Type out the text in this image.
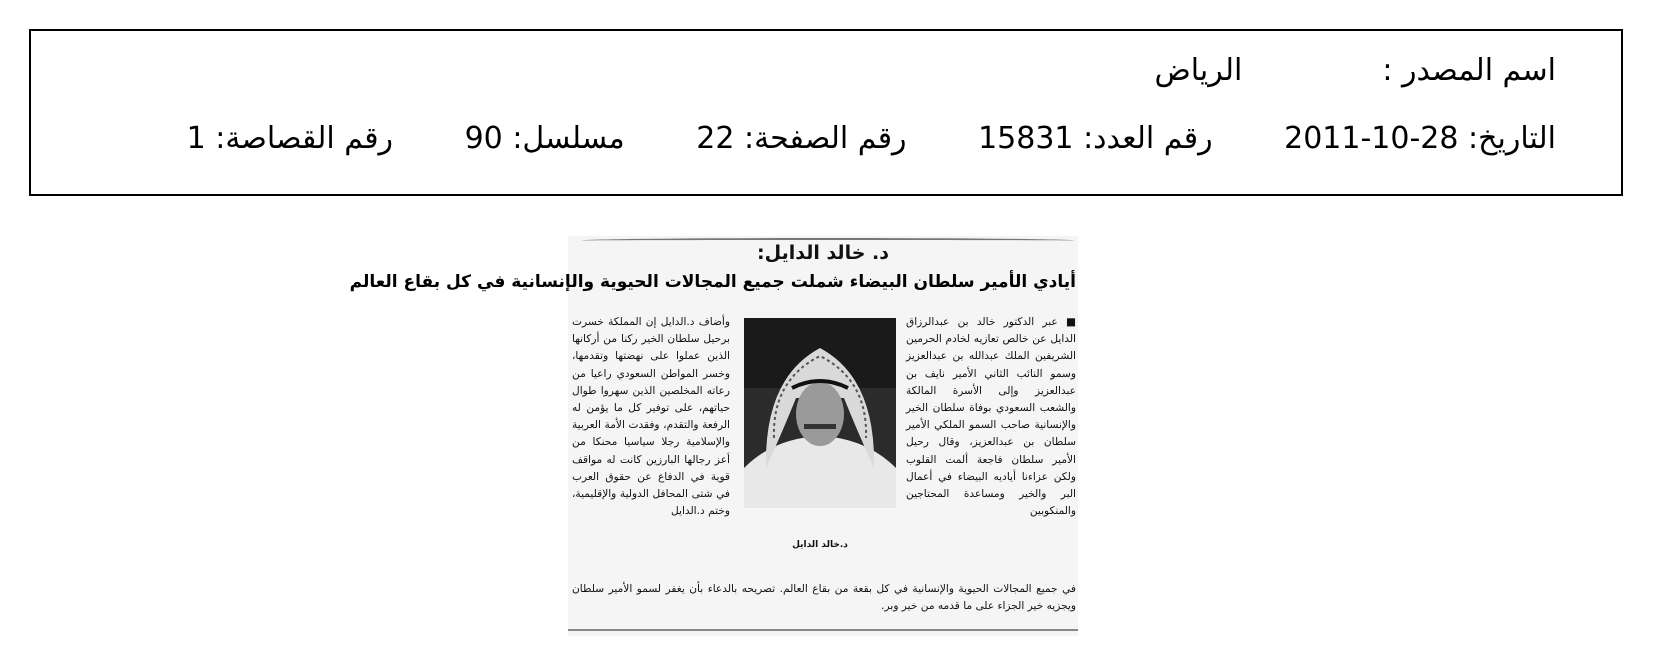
اسم المصدر :الرياض
التاريخ: 2011-10-28 رقم العدد: 15831 رقم الصفحة: 22 مسلسل: 90 رقم القصاصة: 1
د. خالد الدايل:
أيادي الأمير سلطان البيضاء شملت جميع المجالات الحيوية والإنسانية في كل بقاع العالم
■ عبر الدكتور خالد بن عبدالرزاق الدايل عن خالص تعازيه لخادم الحرمين الشريفين الملك عبدالله بن عبدالعزيز وسمو النائب الثاني الأمير نايف بن عبدالعزيز وإلى الأسرة المالكة والشعب السعودي بوفاة سلطان الخير والإنسانية صاحب السمو الملكي الأمير سلطان بن عبدالعزيز، وقال رحيل الأمير سلطان فاجعة ألمت القلوب ولكن عزاءنا أياديه البيضاء في أعمال البر والخير ومساعدة المحتاجين والمنكوبين
د.خالد الدايل
وأضاف د.الدايل إن المملكة خسرت برحيل سلطان الخير ركنا من أركانها الذين عملوا على نهضتها وتقدمها، وخسر المواطن السعودي راعيا من رعاته المخلصين الذين سهروا طوال حياتهم، على توفير كل ما يؤمن له الرفعة والتقدم، وفقدت الأمة العربية والإسلامية رجلا سياسيا محنكا من أعز رجالها البارزين كانت له مواقف قوية في الدفاع عن حقوق العرب في شتى المحافل الدولية والإقليمية، وختم د.الدايل
في جميع المجالات الحيوية والإنسانية في كل بقعة من بقاع العالم. تصريحه بالدعاء بأن يغفر لسمو الأمير سلطان ويجزيه خير الجزاء على ما قدمه من خير وبر.
